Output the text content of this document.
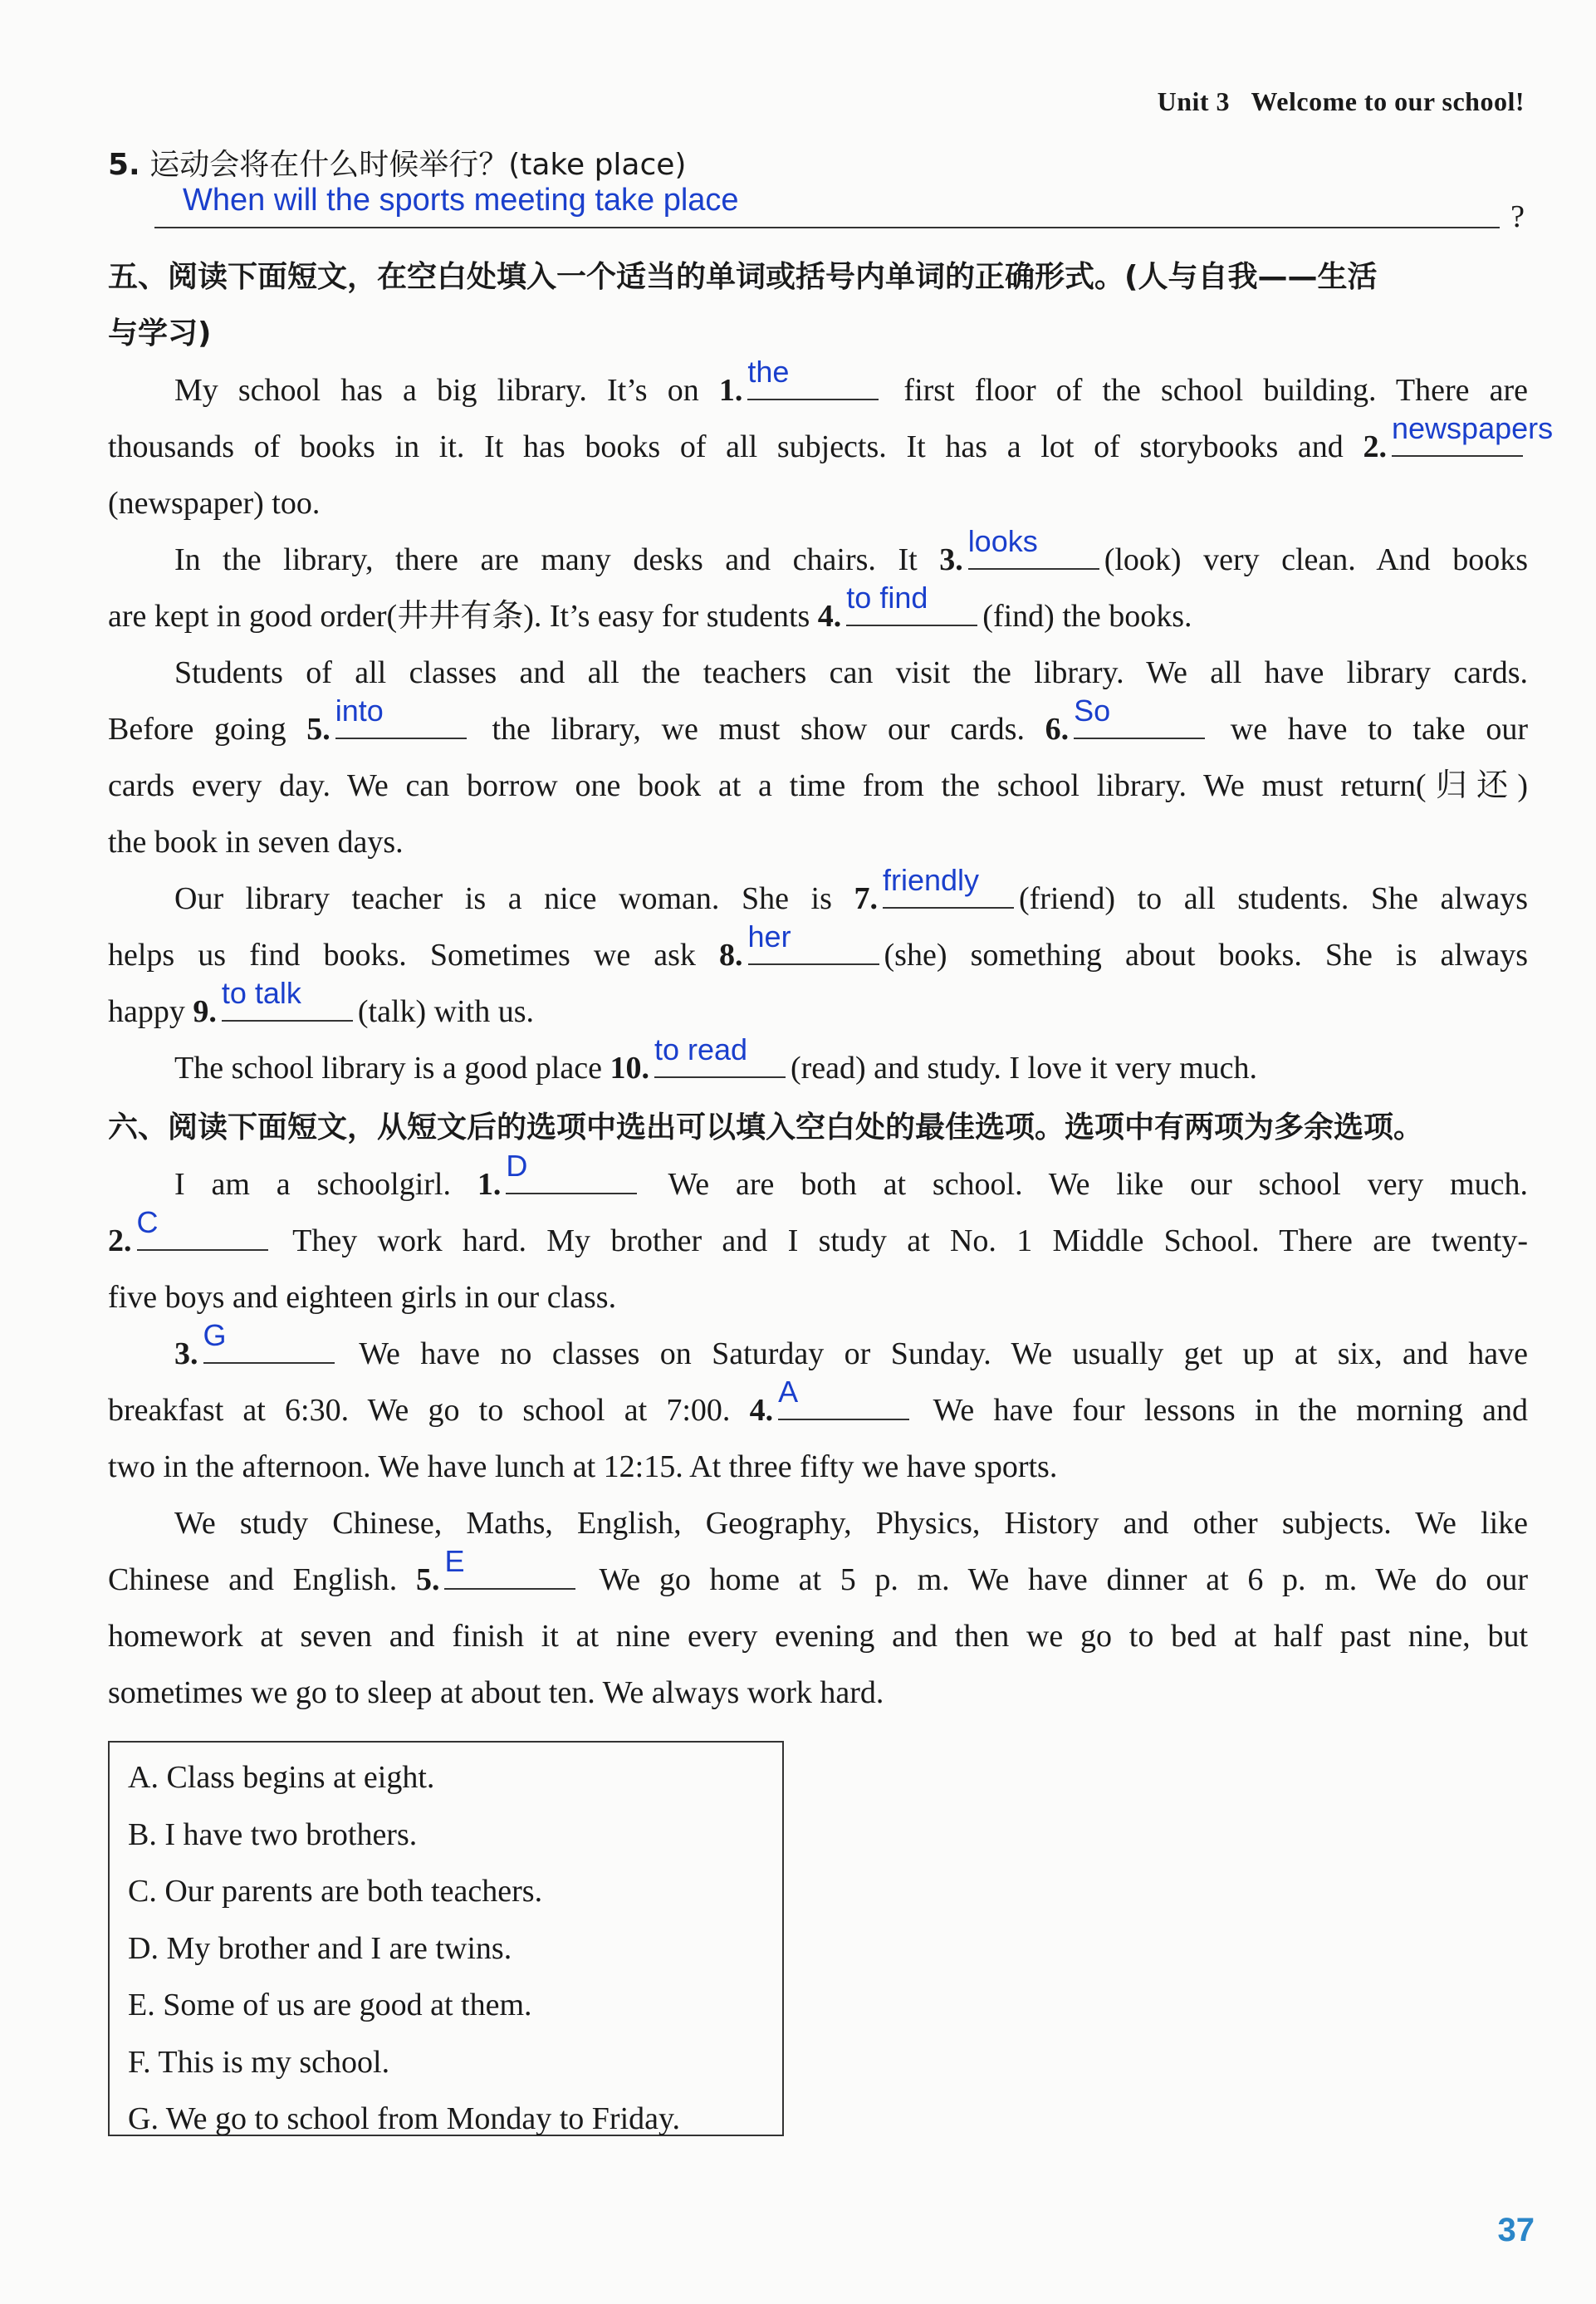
Unit 3 Welcome to our school!
5. 运动会将在什么时候举行？(take place)
When will the sports meeting take place	?
五、阅读下面短文，在空白处填入一个适当的单词或括号内单词的正确形式。(人与自我——生活
与学习)
My school has a big library. It’s on 1.
the
first floor of the school building. There are
thousands of books in it. It has books of all subjects. It has a lot of storybooks and 2.
newspapers
(newspaper) too.
In the library, there are many desks and chairs. It 3.
looks
(look) very clean. And books
are kept in good order(井井有条). It’s easy for students 4.
to find
(find) the books.
Students of all classes and all the teachers can visit the library. We all have library cards.
Before going 5.
into
the library, we must show our cards. 6.
So
we have to take our
cards every day. We can borrow one book at a time from the school library. We must return(归还)
the book in seven days.
Our library teacher is a nice woman. She is 7.
friendly
(friend) to all students. She always
helps us find books. Sometimes we ask 8.
her
(she) something about books. She is always
happy 9.
to talk
(talk) with us.
The school library is a good place 10.
to read
(read) and study. I love it very much.
六、阅读下面短文，从短文后的选项中选出可以填入空白处的最佳选项。选项中有两项为多余选项。
I am a schoolgirl. 1.
D
We are both at school. We like our school very much.
2.
C
They work hard. My brother and I study at No. 1 Middle School. There are twenty-
five boys and eighteen girls in our class.
3.
G
We have no classes on Saturday or Sunday. We usually get up at six, and have
breakfast at 6:30. We go to school at 7:00. 4.
A
We have four lessons in the morning and
two in the afternoon. We have lunch at 12:15. At three fifty we have sports.
We study Chinese, Maths, English, Geography, Physics, History and other subjects. We like
Chinese and English. 5.
E
We go home at 5 p. m. We have dinner at 6 p. m. We do our
homework at seven and finish it at nine every evening and then we go to bed at half past nine, but
sometimes we go to sleep at about ten. We always work hard.
A. Class begins at eight.
B. I have two brothers.
C. Our parents are both teachers.
D. My brother and I are twins.
E. Some of us are good at them.
F. This is my school.
G. We go to school from Monday to Friday.
37
